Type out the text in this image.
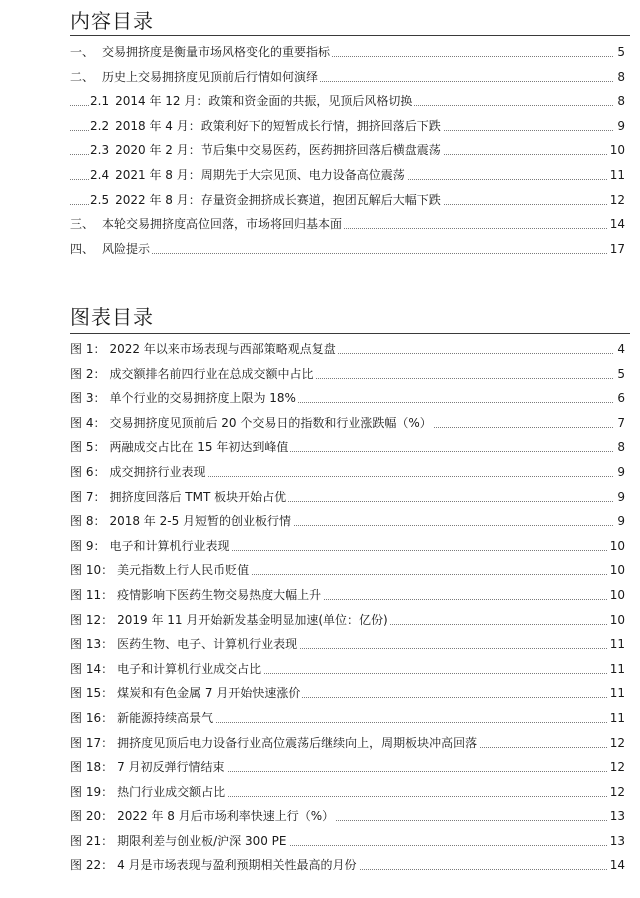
内容目录
一、 交易拥挤度是衡量市场风格变化的重要指标	5
二、 历史上交易拥挤度见顶前后行情如何演绎	8
2.1 2014 年 12 月：政策和资金面的共振，见顶后风格切换	8
2.2 2018 年 4 月：政策利好下的短暂成长行情，拥挤回落后下跌	9
2.3 2020 年 2 月：节后集中交易医药，医药拥挤回落后横盘震荡	10
2.4 2021 年 8 月：周期先于大宗见顶、电力设备高位震荡	11
2.5 2022 年 8 月：存量资金拥挤成长赛道，抱团瓦解后大幅下跌	12
三、 本轮交易拥挤度高位回落，市场将回归基本面	14
四、 风险提示	17
图表目录
图 1： 2022 年以来市场表现与西部策略观点复盘	4
图 2： 成交额排名前四行业在总成交额中占比	5
图 3： 单个行业的交易拥挤度上限为 18%	6
图 4： 交易拥挤度见顶前后 20 个交易日的指数和行业涨跌幅（%）	7
图 5： 两融成交占比在 15 年初达到峰值	8
图 6： 成交拥挤行业表现	9
图 7： 拥挤度回落后 TMT 板块开始占优	9
图 8： 2018 年 2-5 月短暂的创业板行情	9
图 9： 电子和计算机行业表现	10
图 10： 美元指数上行人民币贬值	10
图 11： 疫情影响下医药生物交易热度大幅上升	10
图 12： 2019 年 11 月开始新发基金明显加速(单位：亿份)	10
图 13： 医药生物、电子、计算机行业表现	11
图 14： 电子和计算机行业成交占比	11
图 15： 煤炭和有色金属 7 月开始快速涨价	11
图 16： 新能源持续高景气	11
图 17： 拥挤度见顶后电力设备行业高位震荡后继续向上，周期板块冲高回落	12
图 18： 7 月初反弹行情结束	12
图 19： 热门行业成交额占比	12
图 20： 2022 年 8 月后市场利率快速上行（%）	13
图 21： 期限利差与创业板/沪深 300 PE	13
图 22： 4 月是市场表现与盈利预期相关性最高的月份	14
